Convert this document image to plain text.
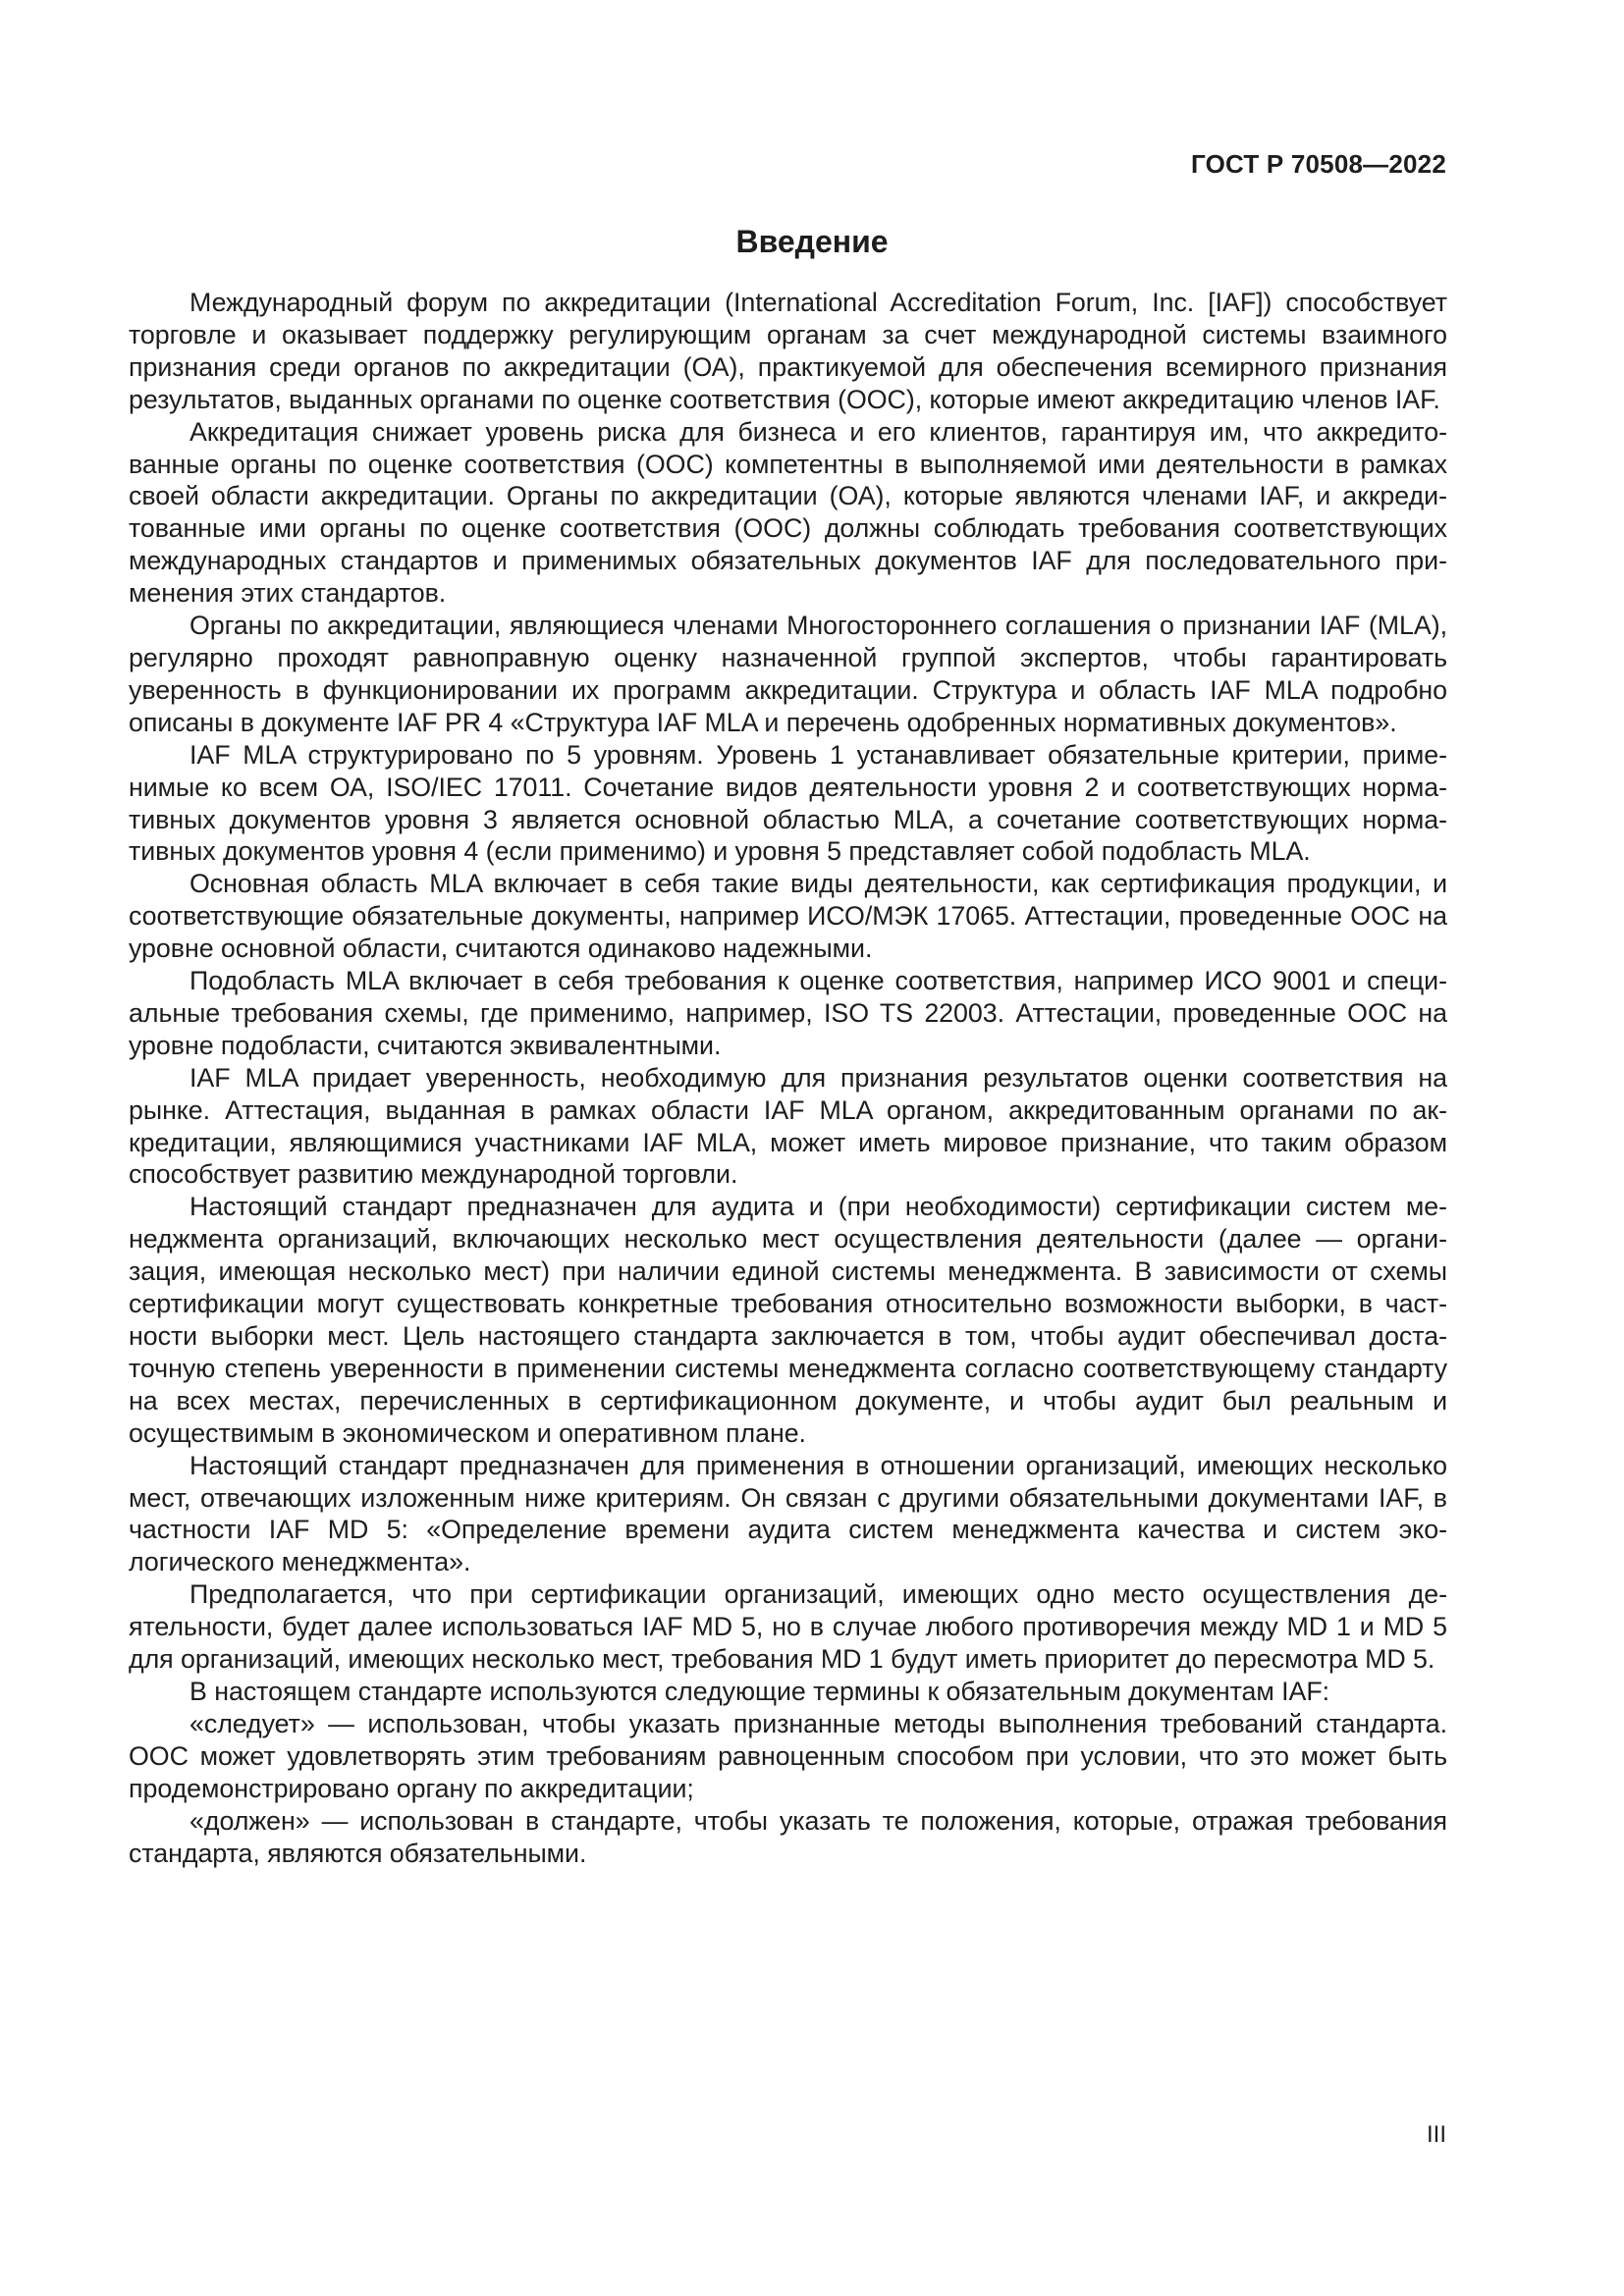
ГОСТ Р 70508—2022
Введение

Международный форум по аккредитации (International Accreditation Forum, Inc. [IAF]) способствует торговле и оказывает поддержку регулирующим органам за счет международной системы взаимного признания среди органов по аккредитации (ОА), практикуемой для обеспечения всемирного признания результатов, выданных органами по оценке соответствия (ООС), которые имеют аккредитацию членов IAF.

Аккредитация снижает уровень риска для бизнеса и его клиентов, гарантируя им, что аккредитованные органы по оценке соответствия (ООС) компетентны в выполняемой ими деятельности в рамках своей области аккредитации. Органы по аккредитации (ОА), которые являются членами IAF, и аккредитованные ими органы по оценке соответствия (ООС) должны соблюдать требования соответствующих международных стандартов и применимых обязательных документов IAF для последовательного применения этих стандартов.

Органы по аккредитации, являющиеся членами Многостороннего соглашения о признании IAF (MLA), регулярно проходят равноправную оценку назначенной группой экспертов, чтобы гарантировать уверенность в функционировании их программ аккредитации. Структура и область IAF MLA подробно описаны в документе IAF PR 4 «Структура IAF MLA и перечень одобренных нормативных документов».

IAF MLA структурировано по 5 уровням. Уровень 1 устанавливает обязательные критерии, применимые ко всем ОА, ISO/IEC 17011. Сочетание видов деятельности уровня 2 и соответствующих нормативных документов уровня 3 является основной областью MLA, а сочетание соответствующих нормативных документов уровня 4 (если применимо) и уровня 5 представляет собой подобласть MLA.

Основная область MLA включает в себя такие виды деятельности, как сертификация продукции, и соответствующие обязательные документы, например ИСО/МЭК 17065. Аттестации, проведенные ООС на уровне основной области, считаются одинаково надежными.

Подобласть MLA включает в себя требования к оценке соответствия, например ИСО 9001 и специальные требования схемы, где применимо, например, ISO TS 22003. Аттестации, проведенные ООС на уровне подобласти, считаются эквивалентными.

IAF MLA придает уверенность, необходимую для признания результатов оценки соответствия на рынке. Аттестация, выданная в рамках области IAF MLA органом, аккредитованным органами по аккредитации, являющимися участниками IAF MLA, может иметь мировое признание, что таким образом способствует развитию международной торговли.

Настоящий стандарт предназначен для аудита и (при необходимости) сертификации систем менеджмента организаций, включающих несколько мест осуществления деятельности (далее — организация, имеющая несколько мест) при наличии единой системы менеджмента. В зависимости от схемы сертификации могут существовать конкретные требования относительно возможности выборки, в частности выборки мест. Цель настоящего стандарта заключается в том, чтобы аудит обеспечивал достаточную степень уверенности в применении системы менеджмента согласно соответствующему стандарту на всех местах, перечисленных в сертификационном документе, и чтобы аудит был реальным и осуществимым в экономическом и оперативном плане.

Настоящий стандарт предназначен для применения в отношении организаций, имеющих несколько мест, отвечающих изложенным ниже критериям. Он связан с другими обязательными документами IAF, в частности IAF MD 5: «Определение времени аудита систем менеджмента качества и систем экологического менеджмента».

Предполагается, что при сертификации организаций, имеющих одно место осуществления деятельности, будет далее использоваться IAF MD 5, но в случае любого противоречия между MD 1 и MD 5 для организаций, имеющих несколько мест, требования MD 1 будут иметь приоритет до пересмотра MD 5.

В настоящем стандарте используются следующие термины к обязательным документам IAF:

«следует» — использован, чтобы указать признанные методы выполнения требований стандарта. ООС может удовлетворять этим требованиям равноценным способом при условии, что это может быть продемонстрировано органу по аккредитации;

«должен» — использован в стандарте, чтобы указать те положения, которые, отражая требования стандарта, являются обязательными.

III
